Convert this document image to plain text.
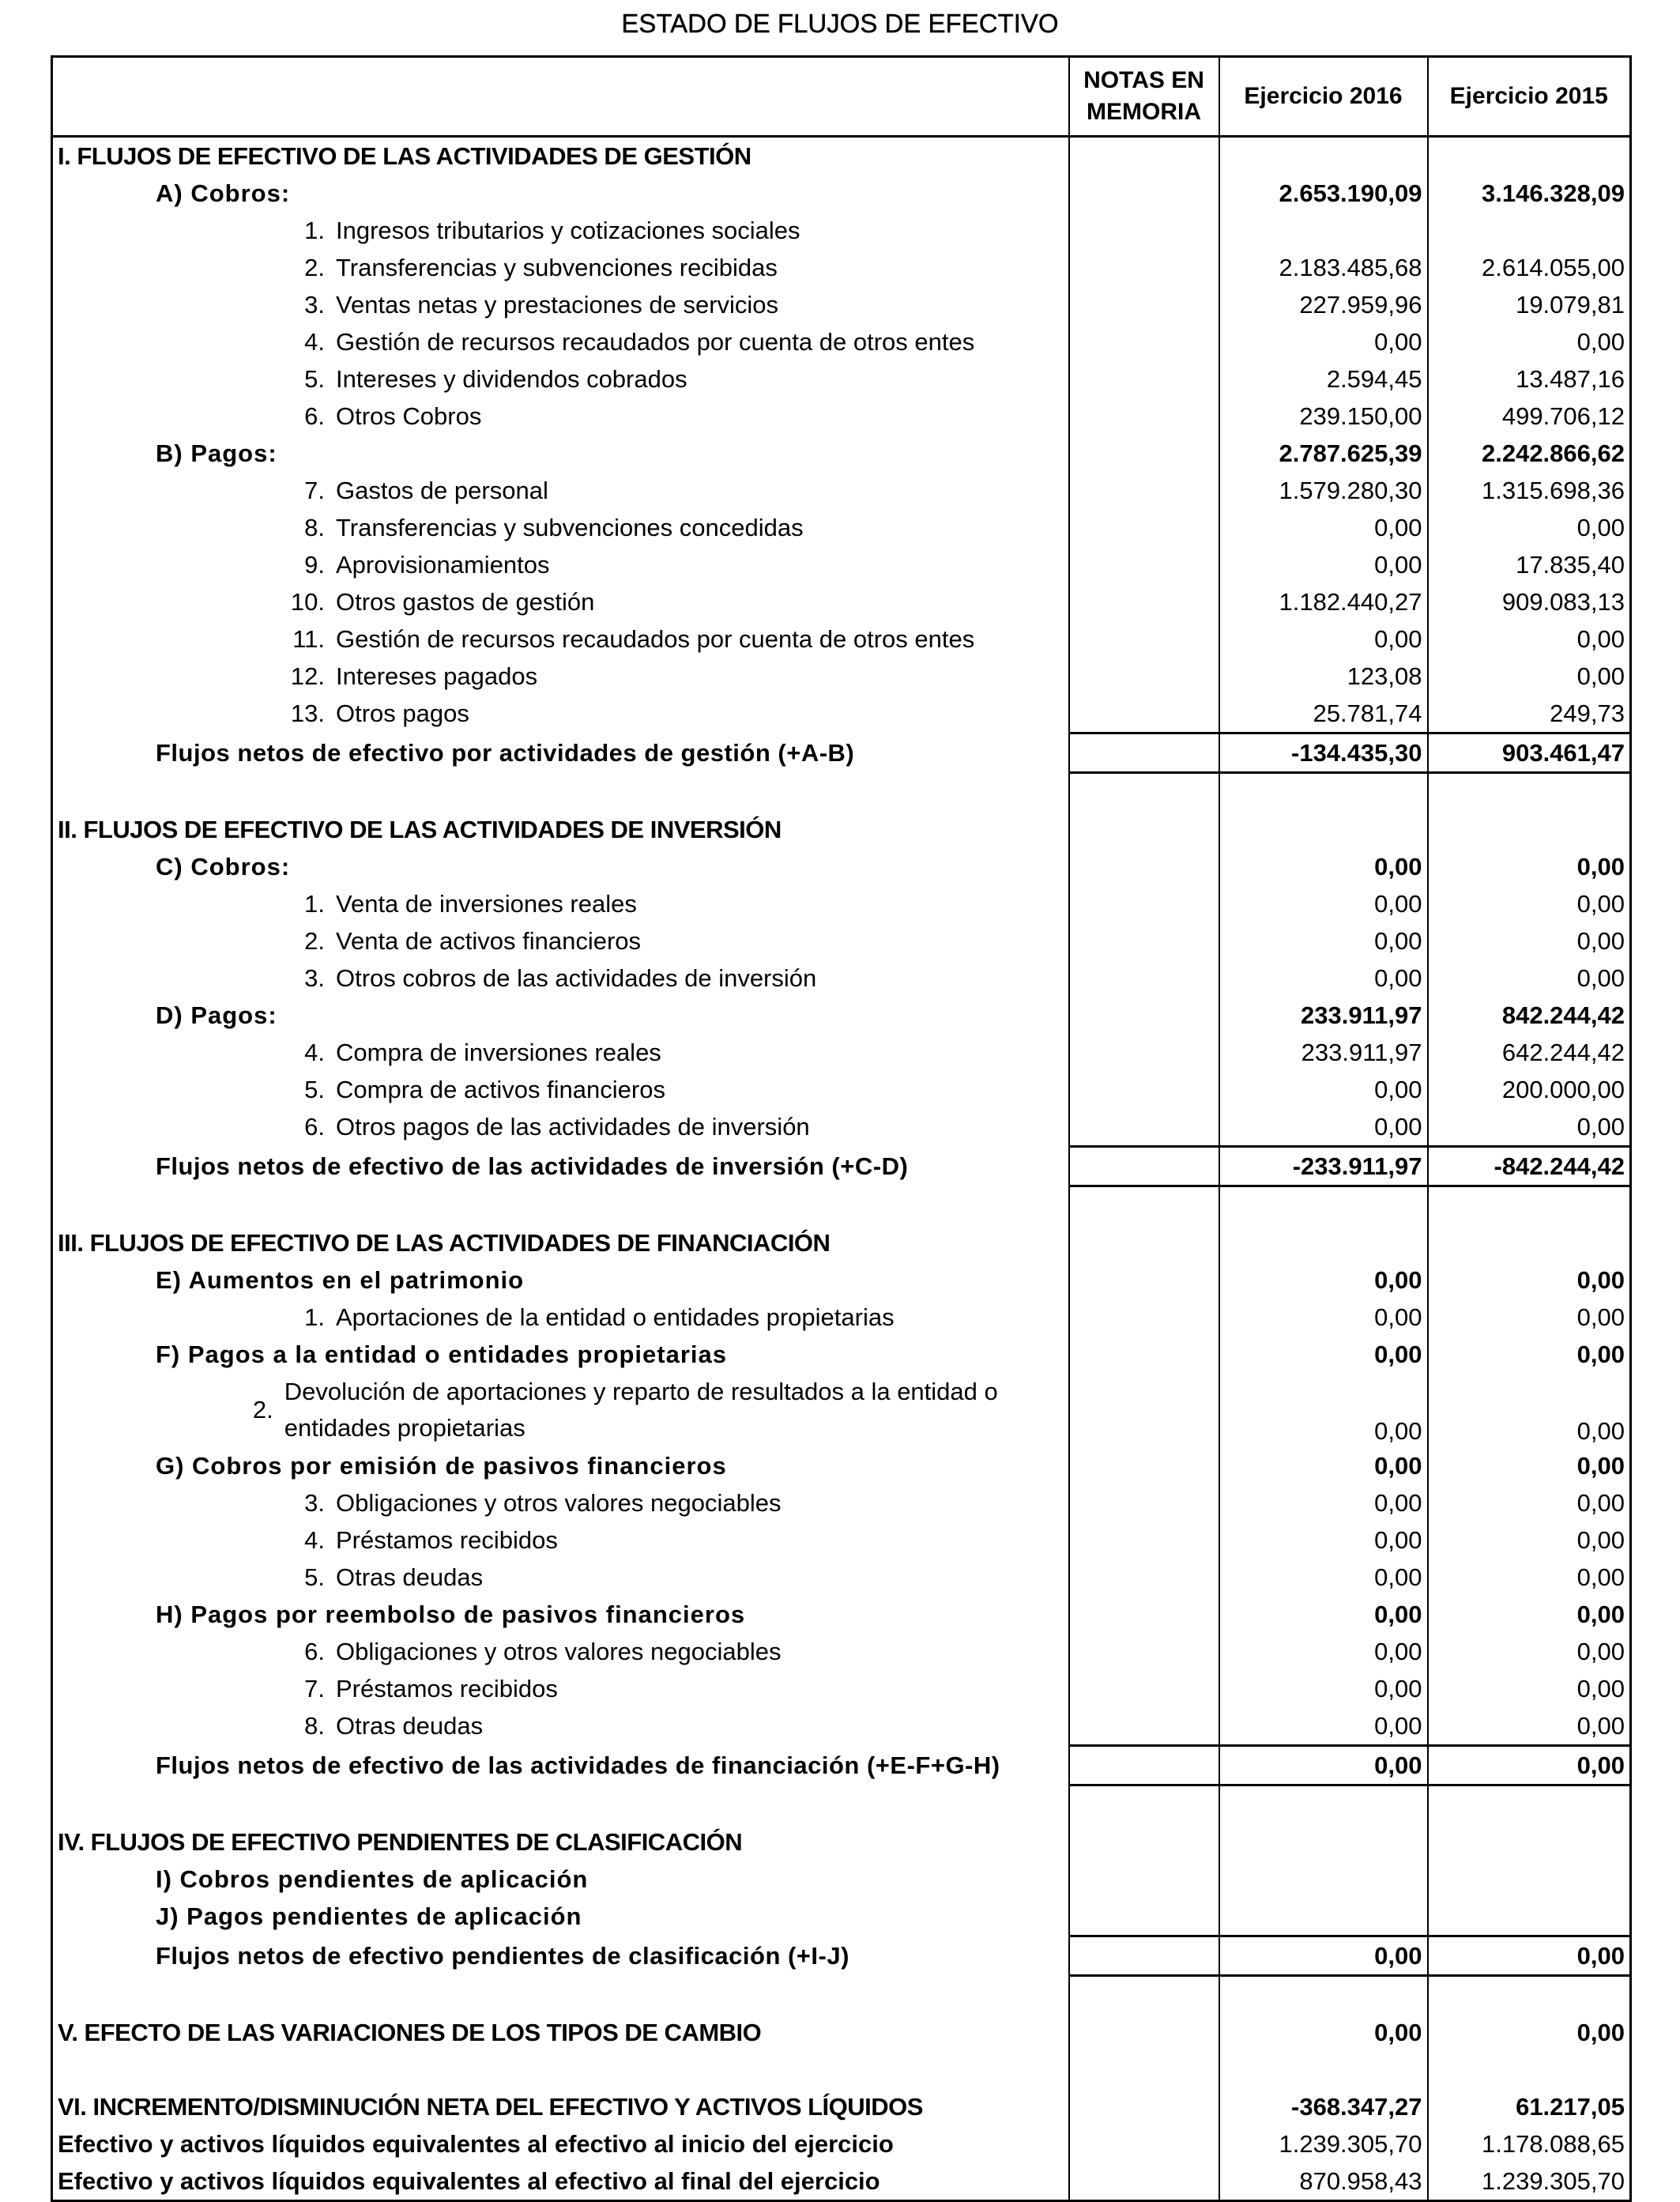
ESTADO DE FLUJOS DE EFECTIVO
	NOTAS EN
MEMORIA	Ejercicio 2016	Ejercicio 2015
I. FLUJOS DE EFECTIVO DE LAS ACTIVIDADES DE GESTIÓN			
A) Cobros:		2.653.190,09	3.146.328,09
1. Ingresos tributarios y cotizaciones sociales			
2. Transferencias y subvenciones recibidas		2.183.485,68	2.614.055,00
3. Ventas netas y prestaciones de servicios		227.959,96	19.079,81
4. Gestión de recursos recaudados por cuenta de otros entes		0,00	0,00
5. Intereses y dividendos cobrados		2.594,45	13.487,16
6. Otros Cobros		239.150,00	499.706,12
B) Pagos:		2.787.625,39	2.242.866,62
7. Gastos de personal		1.579.280,30	1.315.698,36
8. Transferencias y subvenciones concedidas		0,00	0,00
9. Aprovisionamientos		0,00	17.835,40
10. Otros gastos de gestión		1.182.440,27	909.083,13
11. Gestión de recursos recaudados por cuenta de otros entes		0,00	0,00
12. Intereses pagados		123,08	0,00
13. Otros pagos		25.781,74	249,73
Flujos netos de efectivo por actividades de gestión (+A-B)		-134.435,30	903.461,47

II. FLUJOS DE EFECTIVO DE LAS ACTIVIDADES DE INVERSIÓN			
C) Cobros:		0,00	0,00
1. Venta de inversiones reales		0,00	0,00
2. Venta de activos financieros		0,00	0,00
3. Otros cobros de las actividades de inversión		0,00	0,00
D) Pagos:		233.911,97	842.244,42
4. Compra de inversiones reales		233.911,97	642.244,42
5. Compra de activos financieros		0,00	200.000,00
6. Otros pagos de las actividades de inversión		0,00	0,00
Flujos netos de efectivo de las actividades de inversión (+C-D)		-233.911,97	-842.244,42

III. FLUJOS DE EFECTIVO DE LAS ACTIVIDADES DE FINANCIACIÓN			
E) Aumentos en el patrimonio		0,00	0,00
1. Aportaciones de la entidad o entidades propietarias		0,00	0,00
F) Pagos a la entidad o entidades propietarias		0,00	0,00

2.
Devolución de aportaciones y reparto de resultados a la entidad o entidades propietarias		0,00	0,00
G) Cobros por emisión de pasivos financieros		0,00	0,00
3. Obligaciones y otros valores negociables		0,00	0,00
4. Préstamos recibidos		0,00	0,00
5. Otras deudas		0,00	0,00
H) Pagos por reembolso de pasivos financieros		0,00	0,00
6. Obligaciones y otros valores negociables		0,00	0,00
7. Préstamos recibidos		0,00	0,00
8. Otras deudas		0,00	0,00
Flujos netos de efectivo de las actividades de financiación (+E-F+G-H)		0,00	0,00

IV. FLUJOS DE EFECTIVO PENDIENTES DE CLASIFICACIÓN			
I) Cobros pendientes de aplicación			
J) Pagos pendientes de aplicación			
Flujos netos de efectivo pendientes de clasificación (+I-J)		0,00	0,00

V. EFECTO DE LAS VARIACIONES DE LOS TIPOS DE CAMBIO		0,00	0,00

VI. INCREMENTO/DISMINUCIÓN NETA DEL EFECTIVO Y ACTIVOS LÍQUIDOS		-368.347,27	61.217,05
Efectivo y activos líquidos equivalentes al efectivo al inicio del ejercicio		1.239.305,70	1.178.088,65
Efectivo y activos líquidos equivalentes al efectivo al final del ejercicio		870.958,43	1.239.305,70
